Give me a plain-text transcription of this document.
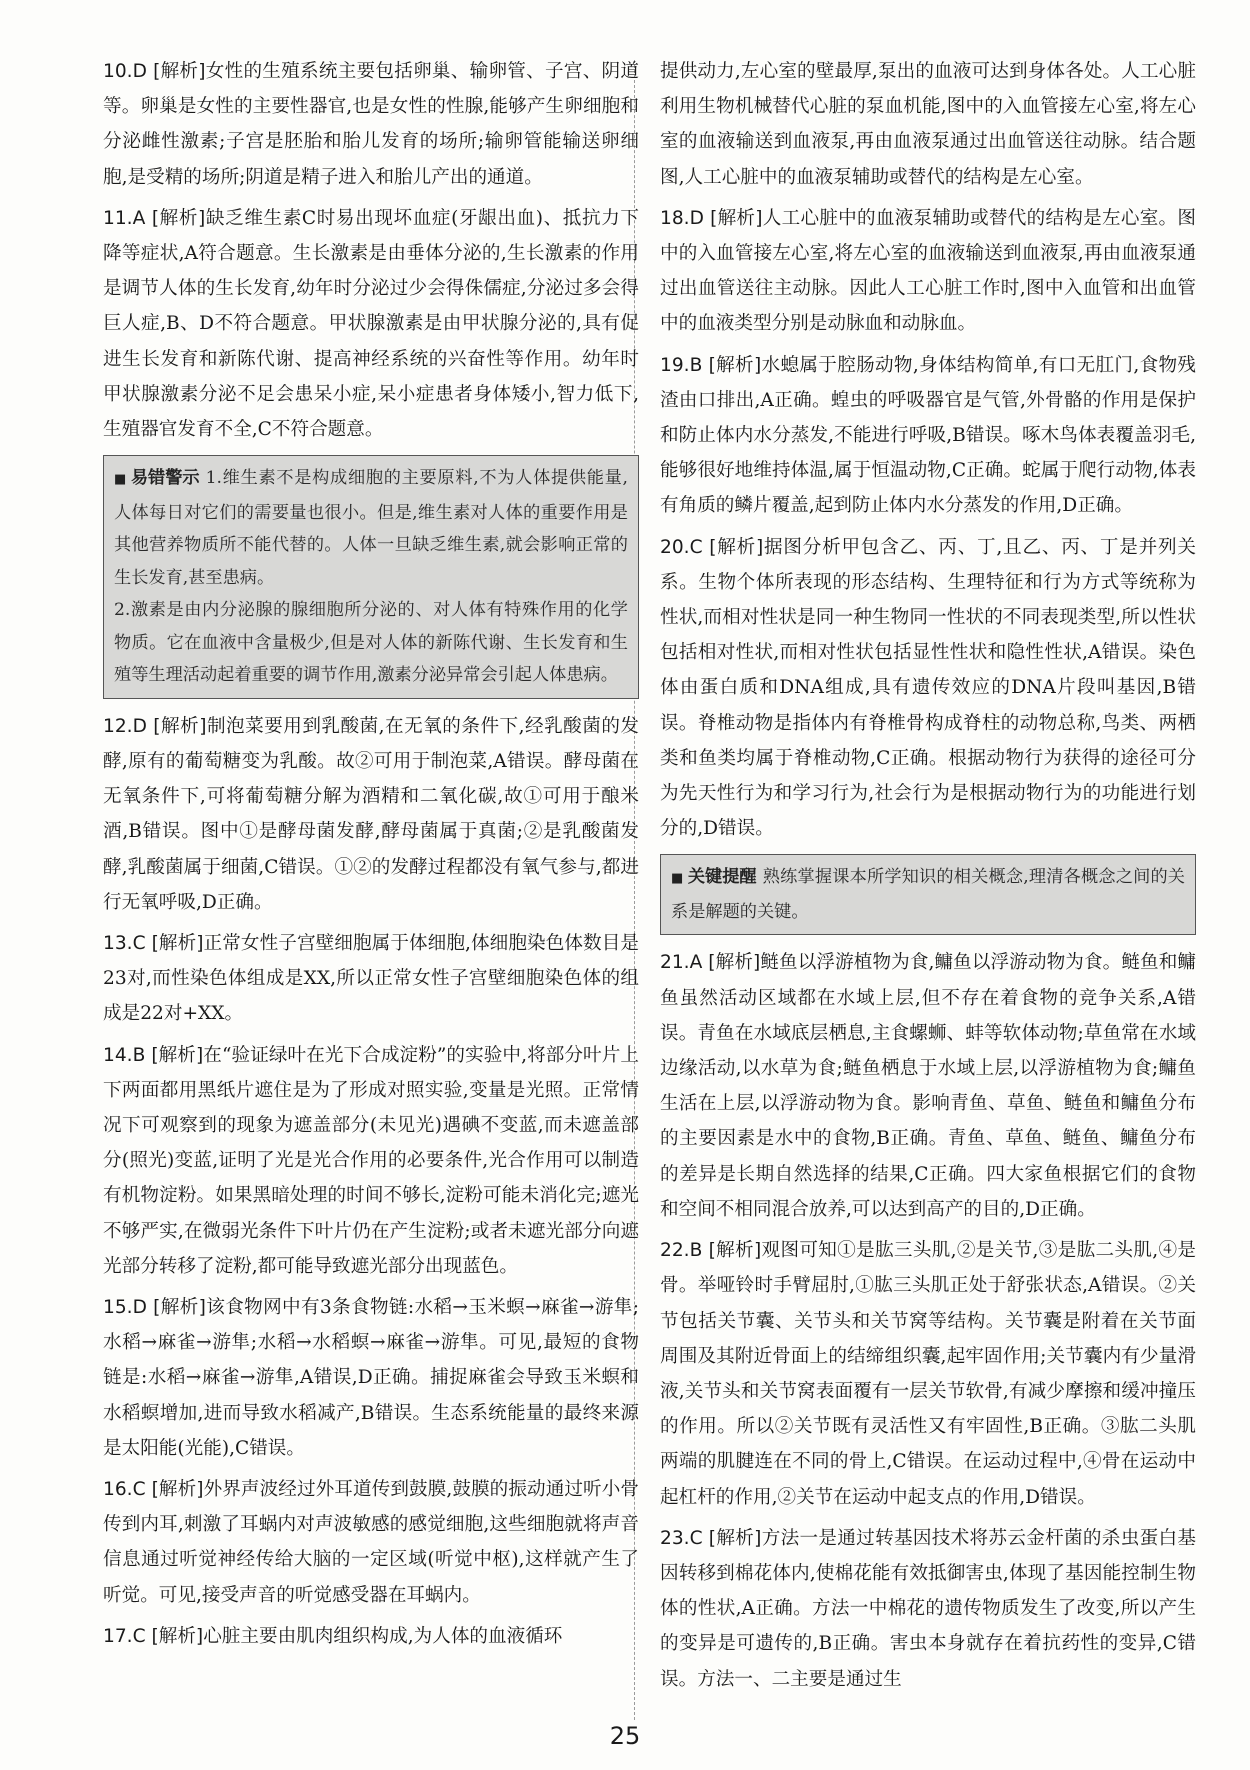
10.D [解析]女性的生殖系统主要包括卵巢、输卵管、子宫、阴道等。卵巢是女性的主要性器官,也是女性的性腺,能够产生卵细胞和分泌雌性激素;子宫是胚胎和胎儿发育的场所;输卵管能输送卵细胞,是受精的场所;阴道是精子进入和胎儿产出的通道。

11.A [解析]缺乏维生素C时易出现坏血症(牙龈出血)、抵抗力下降等症状,A符合题意。生长激素是由垂体分泌的,生长激素的作用是调节人体的生长发育,幼年时分泌过少会得侏儒症,分泌过多会得巨人症,B、D不符合题意。甲状腺激素是由甲状腺分泌的,具有促进生长发育和新陈代谢、提高神经系统的兴奋性等作用。幼年时甲状腺激素分泌不足会患呆小症,呆小症患者身体矮小,智力低下,生殖器官发育不全,C不符合题意。

■ 易错警示 1.维生素不是构成细胞的主要原料,不为人体提供能量,人体每日对它们的需要量也很小。但是,维生素对人体的重要作用是其他营养物质所不能代替的。人体一旦缺乏维生素,就会影响正常的生长发育,甚至患病。
2.激素是由内分泌腺的腺细胞所分泌的、对人体有特殊作用的化学物质。它在血液中含量极少,但是对人体的新陈代谢、生长发育和生殖等生理活动起着重要的调节作用,激素分泌异常会引起人体患病。

12.D [解析]制泡菜要用到乳酸菌,在无氧的条件下,经乳酸菌的发酵,原有的葡萄糖变为乳酸。故②可用于制泡菜,A错误。酵母菌在无氧条件下,可将葡萄糖分解为酒精和二氧化碳,故①可用于酿米酒,B错误。图中①是酵母菌发酵,酵母菌属于真菌;②是乳酸菌发酵,乳酸菌属于细菌,C错误。①②的发酵过程都没有氧气参与,都进行无氧呼吸,D正确。

13.C [解析]正常女性子宫壁细胞属于体细胞,体细胞染色体数目是23对,而性染色体组成是XX,所以正常女性子宫壁细胞染色体的组成是22对+XX。

14.B [解析]在“验证绿叶在光下合成淀粉”的实验中,将部分叶片上下两面都用黑纸片遮住是为了形成对照实验,变量是光照。正常情况下可观察到的现象为遮盖部分(未见光)遇碘不变蓝,而未遮盖部分(照光)变蓝,证明了光是光合作用的必要条件,光合作用可以制造有机物淀粉。如果黑暗处理的时间不够长,淀粉可能未消化完;遮光不够严实,在微弱光条件下叶片仍在产生淀粉;或者未遮光部分向遮光部分转移了淀粉,都可能导致遮光部分出现蓝色。

15.D [解析]该食物网中有3条食物链:水稻→玉米螟→麻雀→游隼;水稻→麻雀→游隼;水稻→水稻螟→麻雀→游隼。可见,最短的食物链是:水稻→麻雀→游隼,A错误,D正确。捕捉麻雀会导致玉米螟和水稻螟增加,进而导致水稻减产,B错误。生态系统能量的最终来源是太阳能(光能),C错误。

16.C [解析]外界声波经过外耳道传到鼓膜,鼓膜的振动通过听小骨传到内耳,刺激了耳蜗内对声波敏感的感觉细胞,这些细胞就将声音信息通过听觉神经传给大脑的一定区域(听觉中枢),这样就产生了听觉。可见,接受声音的听觉感受器在耳蜗内。

17.C [解析]心脏主要由肌肉组织构成,为人体的血液循环

提供动力,左心室的壁最厚,泵出的血液可达到身体各处。人工心脏利用生物机械替代心脏的泵血机能,图中的入血管接左心室,将左心室的血液输送到血液泵,再由血液泵通过出血管送往动脉。结合题图,人工心脏中的血液泵辅助或替代的结构是左心室。

18.D [解析]人工心脏中的血液泵辅助或替代的结构是左心室。图中的入血管接左心室,将左心室的血液输送到血液泵,再由血液泵通过出血管送往主动脉。因此人工心脏工作时,图中入血管和出血管中的血液类型分别是动脉血和动脉血。

19.B [解析]水螅属于腔肠动物,身体结构简单,有口无肛门,食物残渣由口排出,A正确。蝗虫的呼吸器官是气管,外骨骼的作用是保护和防止体内水分蒸发,不能进行呼吸,B错误。啄木鸟体表覆盖羽毛,能够很好地维持体温,属于恒温动物,C正确。蛇属于爬行动物,体表有角质的鳞片覆盖,起到防止体内水分蒸发的作用,D正确。

20.C [解析]据图分析甲包含乙、丙、丁,且乙、丙、丁是并列关系。生物个体所表现的形态结构、生理特征和行为方式等统称为性状,而相对性状是同一种生物同一性状的不同表现类型,所以性状包括相对性状,而相对性状包括显性性状和隐性性状,A错误。染色体由蛋白质和DNA组成,具有遗传效应的DNA片段叫基因,B错误。脊椎动物是指体内有脊椎骨构成脊柱的动物总称,鸟类、两栖类和鱼类均属于脊椎动物,C正确。根据动物行为获得的途径可分为先天性行为和学习行为,社会行为是根据动物行为的功能进行划分的,D错误。

■ 关键提醒 熟练掌握课本所学知识的相关概念,理清各概念之间的关系是解题的关键。

21.A [解析]鲢鱼以浮游植物为食,鳙鱼以浮游动物为食。鲢鱼和鳙鱼虽然活动区域都在水域上层,但不存在着食物的竞争关系,A错误。青鱼在水域底层栖息,主食螺蛳、蚌等软体动物;草鱼常在水域边缘活动,以水草为食;鲢鱼栖息于水域上层,以浮游植物为食;鳙鱼生活在上层,以浮游动物为食。影响青鱼、草鱼、鲢鱼和鳙鱼分布的主要因素是水中的食物,B正确。青鱼、草鱼、鲢鱼、鳙鱼分布的差异是长期自然选择的结果,C正确。四大家鱼根据它们的食物和空间不相同混合放养,可以达到高产的目的,D正确。

22.B [解析]观图可知①是肱三头肌,②是关节,③是肱二头肌,④是骨。举哑铃时手臂屈肘,①肱三头肌正处于舒张状态,A错误。②关节包括关节囊、关节头和关节窝等结构。关节囊是附着在关节面周围及其附近骨面上的结缔组织囊,起牢固作用;关节囊内有少量滑液,关节头和关节窝表面覆有一层关节软骨,有减少摩擦和缓冲撞压的作用。所以②关节既有灵活性又有牢固性,B正确。③肱二头肌两端的肌腱连在不同的骨上,C错误。在运动过程中,④骨在运动中起杠杆的作用,②关节在运动中起支点的作用,D错误。

23.C [解析]方法一是通过转基因技术将苏云金杆菌的杀虫蛋白基因转移到棉花体内,使棉花能有效抵御害虫,体现了基因能控制生物体的性状,A正确。方法一中棉花的遗传物质发生了改变,所以产生的变异是可遗传的,B正确。害虫本身就存在着抗药性的变异,C错误。方法一、二主要是通过生

25
